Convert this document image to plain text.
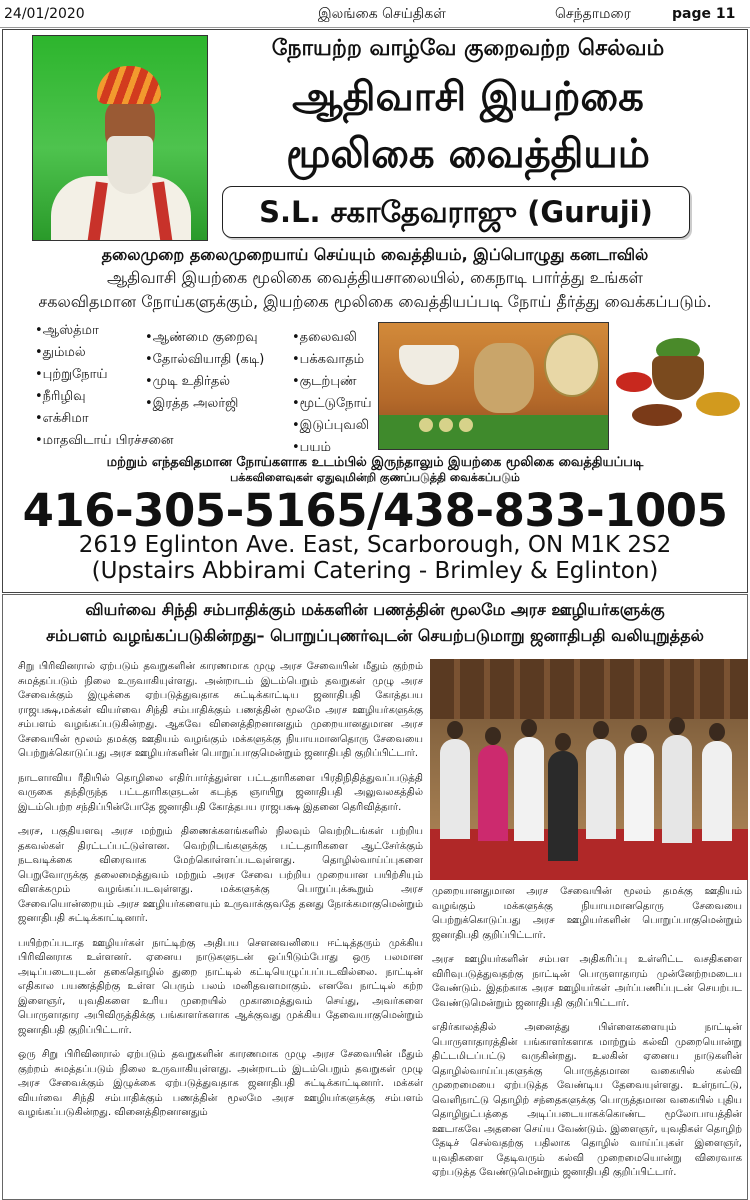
24/01/2020	இலங்கை செய்திகள்	செந்தாமரை	page 11
நோயற்ற வாழ்வே குறைவற்ற செல்வம்
ஆதிவாசி இயற்கை
மூலிகை வைத்தியம்
S.L. சகாதேவராஜு (Guruji)
தலைமுறை தலைமுறையாய் செய்யும் வைத்தியம், இப்பொழுது கனடாவில்
ஆதிவாசி இயற்கை மூலிகை வைத்தியசாலையில், கைநாடி பார்த்து உங்கள்
சகலவிதமான நோய்களுக்கும், இயற்கை மூலிகை வைத்தியப்படி நோய் தீர்த்து வைக்கப்படும்.
• ஆஸ்த்மா
• தும்மல்
• புற்றுநோய்
• நீரிழிவு
• எக்சிமா
• மாதவிடாய் பிரச்சனை
• ஆண்மை குறைவு
• தோல்வியாதி (கடி)
• முடி உதிர்தல்
• இரத்த அலர்ஜி
• தலைவலி
• பக்கவாதம்
• குடற்புண்
• மூட்டுநோய்
• இடுப்புவலி
• பயம்
மற்றும் எந்தவிதமான நோய்களாக உடம்பில் இருந்தாலும் இயற்கை மூலிகை வைத்தியப்படி
பக்கவிளைவுகள் ஏதுவுமின்றி குணப்படுத்தி வைக்கப்படும்
416-305-5165/438-833-1005
2619 Eglinton Ave. East, Scarborough, ON M1K 2S2
(Upstairs Abbirami Catering - Brimley & Eglinton)
வியர்வை சிந்தி சம்பாதிக்கும் மக்களின் பணத்தின் மூலமே அரச ஊழியர்களுக்கு
சம்பளம் வழங்கப்படுகின்றது– பொறுப்புணர்வுடன் செயற்படுமாறு ஜனாதிபதி வலியுறுத்தல்

சிறு பிரிவினரால் ஏற்படும் தவறுகளின் காரணமாக முழு அரச சேவையின் மீதும் குற்றம் சுமத்தப்படும் நிலை உருவாகியுள்ளது. அன்றாடம் இடம்பெறும் தவறுகள் முழு அரச சேவைக்கும் இழுக்கை ஏற்படுத்துவதாக சுட்டிக்காட்டிய ஜனாதிபதி கோத்தபய ராஜபக்ஷ,மக்கள் வியர்வை சிந்தி சம்பாதிக்கும் பணத்தின் மூலமே அரச ஊழியர்களுக்கு சம்பளம் வழங்கப்படுகின்றது. ஆகவே வினைத்திறனானதும் முறையானதுமான அரச சேவையின் மூலம் தமக்கு ஊதியம் வழங்கும் மக்களுக்கு நியாயமானதொரு சேவையை பெற்றுக்கொடுப்பது அரச ஊழியர்களின் பொறுப்பாகுமென்றும் ஜனாதிபதி குறிப்பிட்டார்.

நாடளாவிய ரீதியில் தொழிலை எதிர்பார்த்துள்ள பட்டதாரிகளை பிரதிநிதித்துவப்படுத்தி வருகை தந்திருந்த பட்டதாரிகளுடன் கடந்த ஞாயிறு ஜனாதிபதி அலுவலகத்தில் இடம்பெற்ற சந்திப்பின்போதே ஜனாதிபதி கோத்தபய ராஜபக்ஷ இதனை தெரிவித்தார்.

அரச, பகுதியளவு அரச மற்றும் திணைக்களங்களில் நிலவும் வெற்றிடங்கள் பற்றிய தகவல்கள் திரட்டப்பட்டுள்ளன. வெற்றிடங்களுக்கு பட்டதாரிகளை ஆட்சேர்க்கும் நடவடிக்கை விரைவாக மேற்கொள்ளப்படவுள்ளது. தொழில்வாய்ப்புகளை பெறுவோருக்கு தலைமைத்துவம் மற்றும் அரச சேவை பற்றிய முறையான பயிற்சியும் விளக்கமும் வழங்கப்படவுள்ளது. மக்களுக்கு பொறுப்புக்கூறும் அரச சேவையொன்றையும் அரச ஊழியர்களையும் உருவாக்குவதே தனது நோக்கமாகுமென்றும் ஜனாதிபதி சுட்டிக்காட்டினார்.

பயிற்றப்படாத ஊழியர்கள் நாட்டிற்கு அதிபய சௌனவனியை ஈட்டித்தரும் முக்கிய பிரிவினராக உள்ளனர். ஏனைய நாடுகளுடன் ஒப்பிடும்போது ஒரு பலமான அடிப்படையுடன் தகைதொழில் துறை நாட்டில் கட்டியெழுப்பப்படவில்லை. நாட்டின் எதிகால பயணத்திற்கு உள்ள பெரும் பலம் மனிதவளமாகும். எனவே நாட்டில் கற்ற இளைஞர், யுவதிகளை உரிய முறையில் முகாமைத்துவம் செய்து, அவர்களை பொருளாதார அபிவிருத்திக்கு பங்காளர்களாக ஆக்குவது முக்கிய தேவையாகுமென்றும் ஜனாதிபதி குறிப்பிட்டார்.

ஒரு சிறு பிரிவினரால் ஏற்படும் தவறுகளின் காரணமாக முழு அரச சேவையின் மீதும் குற்றம் சுமத்தப்படும் நிலை உருவாகியுள்ளது. அன்றாடம் இடம்பெறும் தவறுகள் முழு அரச சேவைக்கும் இழுக்கை ஏற்படுத்துவதாக ஜனாதிபதி சுட்டிக்காட்டினார். மக்கள் வியர்வை சிந்தி சம்பாதிக்கும் பணத்தின் மூலமே அரச ஊழியர்களுக்கு சம்பளம் வழங்கப்படுகின்றது. வினைத்திறனானதும்

முறையானதுமான அரச சேவையின் மூலம் தமக்கு ஊதியம் வழங்கும் மக்களுக்கு நியாயமானதொரு சேவையை பெற்றுக்கொடுப்பது அரச ஊழியர்களின் பொறுப்பாகுமென்றும் ஜனாதிபதி குறிப்பிட்டார்.

அரச ஊழியர்களின் சம்பள அதிகரிப்பு உள்ளிட்ட வசதிகளை விரிவுபடுத்துவதற்கு நாட்டின் பொருளாதாரம் முன்னேற்றமடைய வேண்டும். இதற்காக அரச ஊழியர்கள் அர்ப்பணிப்புடன் செயற்பட வேண்டுமென்றும் ஜனாதிபதி குறிப்பிட்டார்.

எதிர்காலத்தில் அனைத்து பிள்ளைகளையும் நாட்டின் பொருளாதாரத்தின் பங்காளர்களாக மாற்றும் கல்வி முறையொன்று திட்டமிடப்பட்டு வருகின்றது. உலகின் ஏனைய நாடுகளின் தொழில்வாய்ப்புகளுக்கு பொருத்தமான வகையில் கல்வி முறைமையை ஏற்படுத்த வேண்டிய தேவையுள்ளது. உள்நாட்டு, வெளிநாட்டு தொழிற் சந்தைகளுக்கு பொருத்தமான வகையில் புதிய தொழிநுட்பத்தை அடிப்படையாகக்கொண்ட மூலோபாயத்தின் ஊடாகவே அதனை செய்ய வேண்டும். இளைஞர், யுவதிகள் தொழிற் தேடிச் செல்வதற்கு பதிலாக தொழில் வாய்ப்புகள் இளைஞர், யுவதிகளை தேடிவரும் கல்வி முறைமையொன்று விரைவாக ஏற்படுத்த வேண்டுமென்றும் ஜனாதிபதி குறிப்பிட்டார்.
